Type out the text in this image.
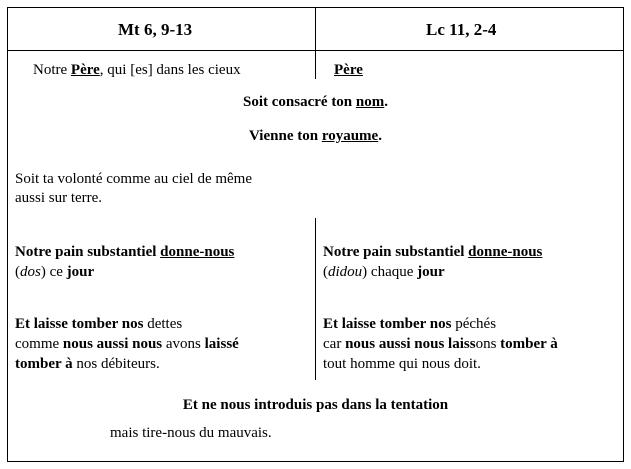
Mt 6, 9-13	Lc 11, 2-4
Notre Père, qui [es] dans les cieux	Père
Soit consacré ton nom.
Vienne ton royaume.
Soit ta volonté comme au ciel de même
aussi sur terre.
Notre pain substantiel donne-nous
(dos) ce jour
Notre pain substantiel donne-nous
(didou) chaque jour
Et laisse tomber nos dettes
comme nous aussi nous avons laissé
tomber à nos débiteurs.
Et laisse tomber nos péchés
car nous aussi nous laissons tomber à
tout homme qui nous doit.
Et ne nous introduis pas dans la tentation
mais tire-nous du mauvais.
